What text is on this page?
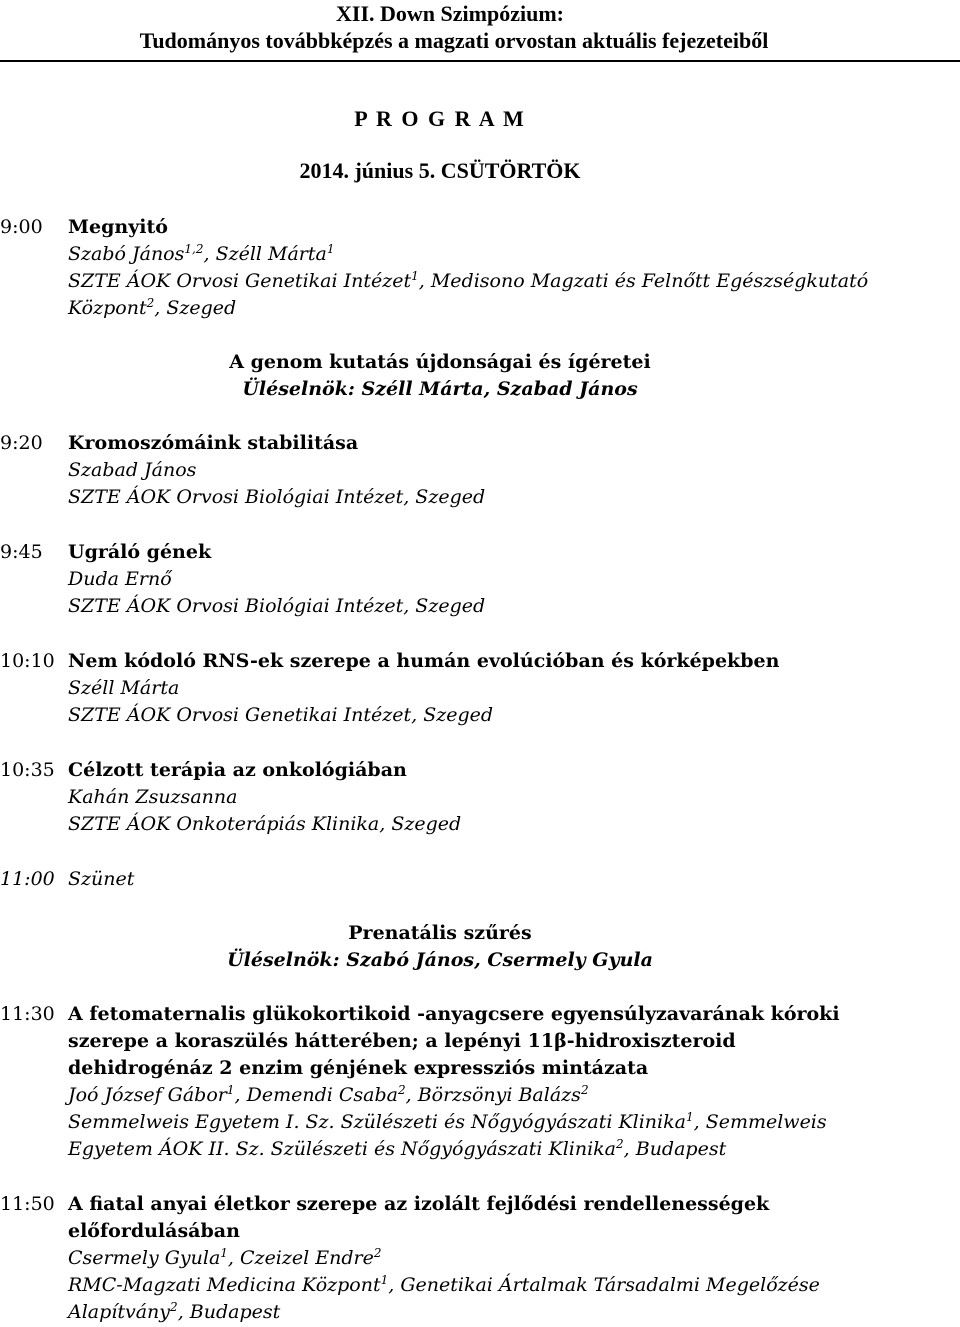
XII. Down Szimpózium:
Tudományos továbbképzés a magzati orvostan aktuális fejezeteiből
P R O G R A M
2014. június 5. CSÜTÖRTÖK
9:00 Megnyitó
Szabó János$^{1,2}$, Széll Márta$^1$
SZTE ÁOK Orvosi Genetikai Intézet$^1$, Medisono Magzati és Felnőtt Egészségkutató
Központ$^2$, Szeged
A genom kutatás újdonságai és ígéretei
Üléselnök: Széll Márta, Szabad János
9:20 Kromoszómáink stabilitása
Szabad János
SZTE ÁOK Orvosi Biológiai Intézet, Szeged
9:45 Ugráló gének
Duda Ernő
SZTE ÁOK Orvosi Biológiai Intézet, Szeged
10:10 Nem kódoló RNS-ek szerepe a humán evolúcióban és kórképekben
Széll Márta
SZTE ÁOK Orvosi Genetikai Intézet, Szeged
10:35 Célzott terápia az onkológiában
Kahán Zsuzsanna
SZTE ÁOK Onkoterápiás Klinika, Szeged
11:00 Szünet
Prenatális szűrés
Üléselnök: Szabó János, Csermely Gyula
11:30 A fetomaternalis glükokortikoid -anyagcsere egyensúlyzavarának kóroki
szerepe a koraszülés hátterében; a lepényi 11β-hidroxiszteroid
dehidrogénáz 2 enzim génjének expressziós mintázata
Joó József Gábor$^1$, Demendi Csaba$^2$, Börzsönyi Balázs$^2$
Semmelweis Egyetem I. Sz. Szülészeti és Nőgyógyászati Klinika$^1$, Semmelweis
Egyetem ÁOK II. Sz. Szülészeti és Nőgyógyászati Klinika$^2$, Budapest
11:50 A fiatal anyai életkor szerepe az izolált fejlődési rendellenességek
előfordulásában
Csermely Gyula$^1$, Czeizel Endre$^2$
RMC-Magzati Medicina Központ$^1$, Genetikai Ártalmak Társadalmi Megelőzése
Alapítvány$^2$, Budapest
